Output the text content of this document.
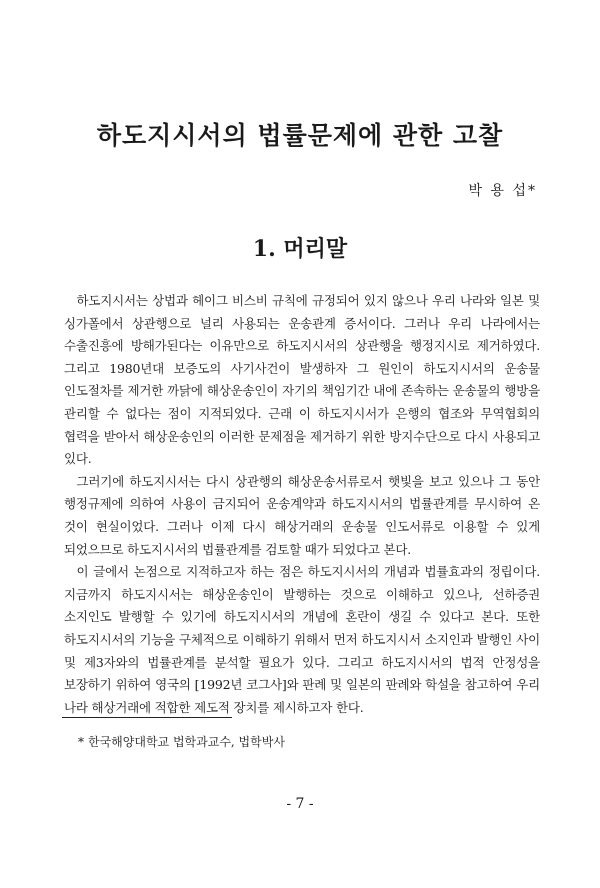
하도지시서의 법률문제에 관한 고찰
박 용 섭*
1. 머리말

하도지시서는 상법과 헤이그 비스비 규칙에 규정되어 있지 않으나 우리 나라와 일본 및 싱가폴에서 상관행으로 널리 사용되는 운송관계 증서이다. 그러나 우리 나라에서는 수출진흥에 방해가된다는 이유만으로 하도지시서의 상관행을 행정지시로 제거하였다. 그리고 1980년대 보증도의 사기사건이 발생하자 그 원인이 하도지시서의 운송물 인도절차를 제거한 까닭에 해상운송인이 자기의 책임기간 내에 존속하는 운송물의 행방을 관리할 수 없다는 점이 지적되었다. 근래 이 하도지시서가 은행의 협조와 무역협회의 협력을 받아서 해상운송인의 이러한 문제점을 제거하기 위한 방지수단으로 다시 사용되고 있다.

그러기에 하도지시서는 다시 상관행의 해상운송서류로서 햇빛을 보고 있으나 그 동안 행정규제에 의하여 사용이 금지되어 운송계약과 하도지시서의 법률관계를 무시하여 온 것이 현실이었다. 그러나 이제 다시 해상거래의 운송물 인도서류로 이용할 수 있게 되었으므로 하도지시서의 법률관계를 검토할 때가 되었다고 본다.

이 글에서 논점으로 지적하고자 하는 점은 하도지시서의 개념과 법률효과의 정립이다. 지금까지 하도지시서는 해상운송인이 발행하는 것으로 이해하고 있으나, 선하증권 소지인도 발행할 수 있기에 하도지시서의 개념에 혼란이 생길 수 있다고 본다. 또한 하도지시서의 기능을 구체적으로 이해하기 위해서 먼저 하도지시서 소지인과 발행인 사이 및 제3자와의 법률관계를 분석할 필요가 있다. 그리고 하도지시서의 법적 안정성을 보장하기 위하여 영국의 [1992년 코그사]와 판례 및 일본의 판례와 학설을 참고하여 우리 나라 해상거래에 적합한 제도적 장치를 제시하고자 한다.

* 한국해양대학교 법학과교수, 법학박사
- 7 -
